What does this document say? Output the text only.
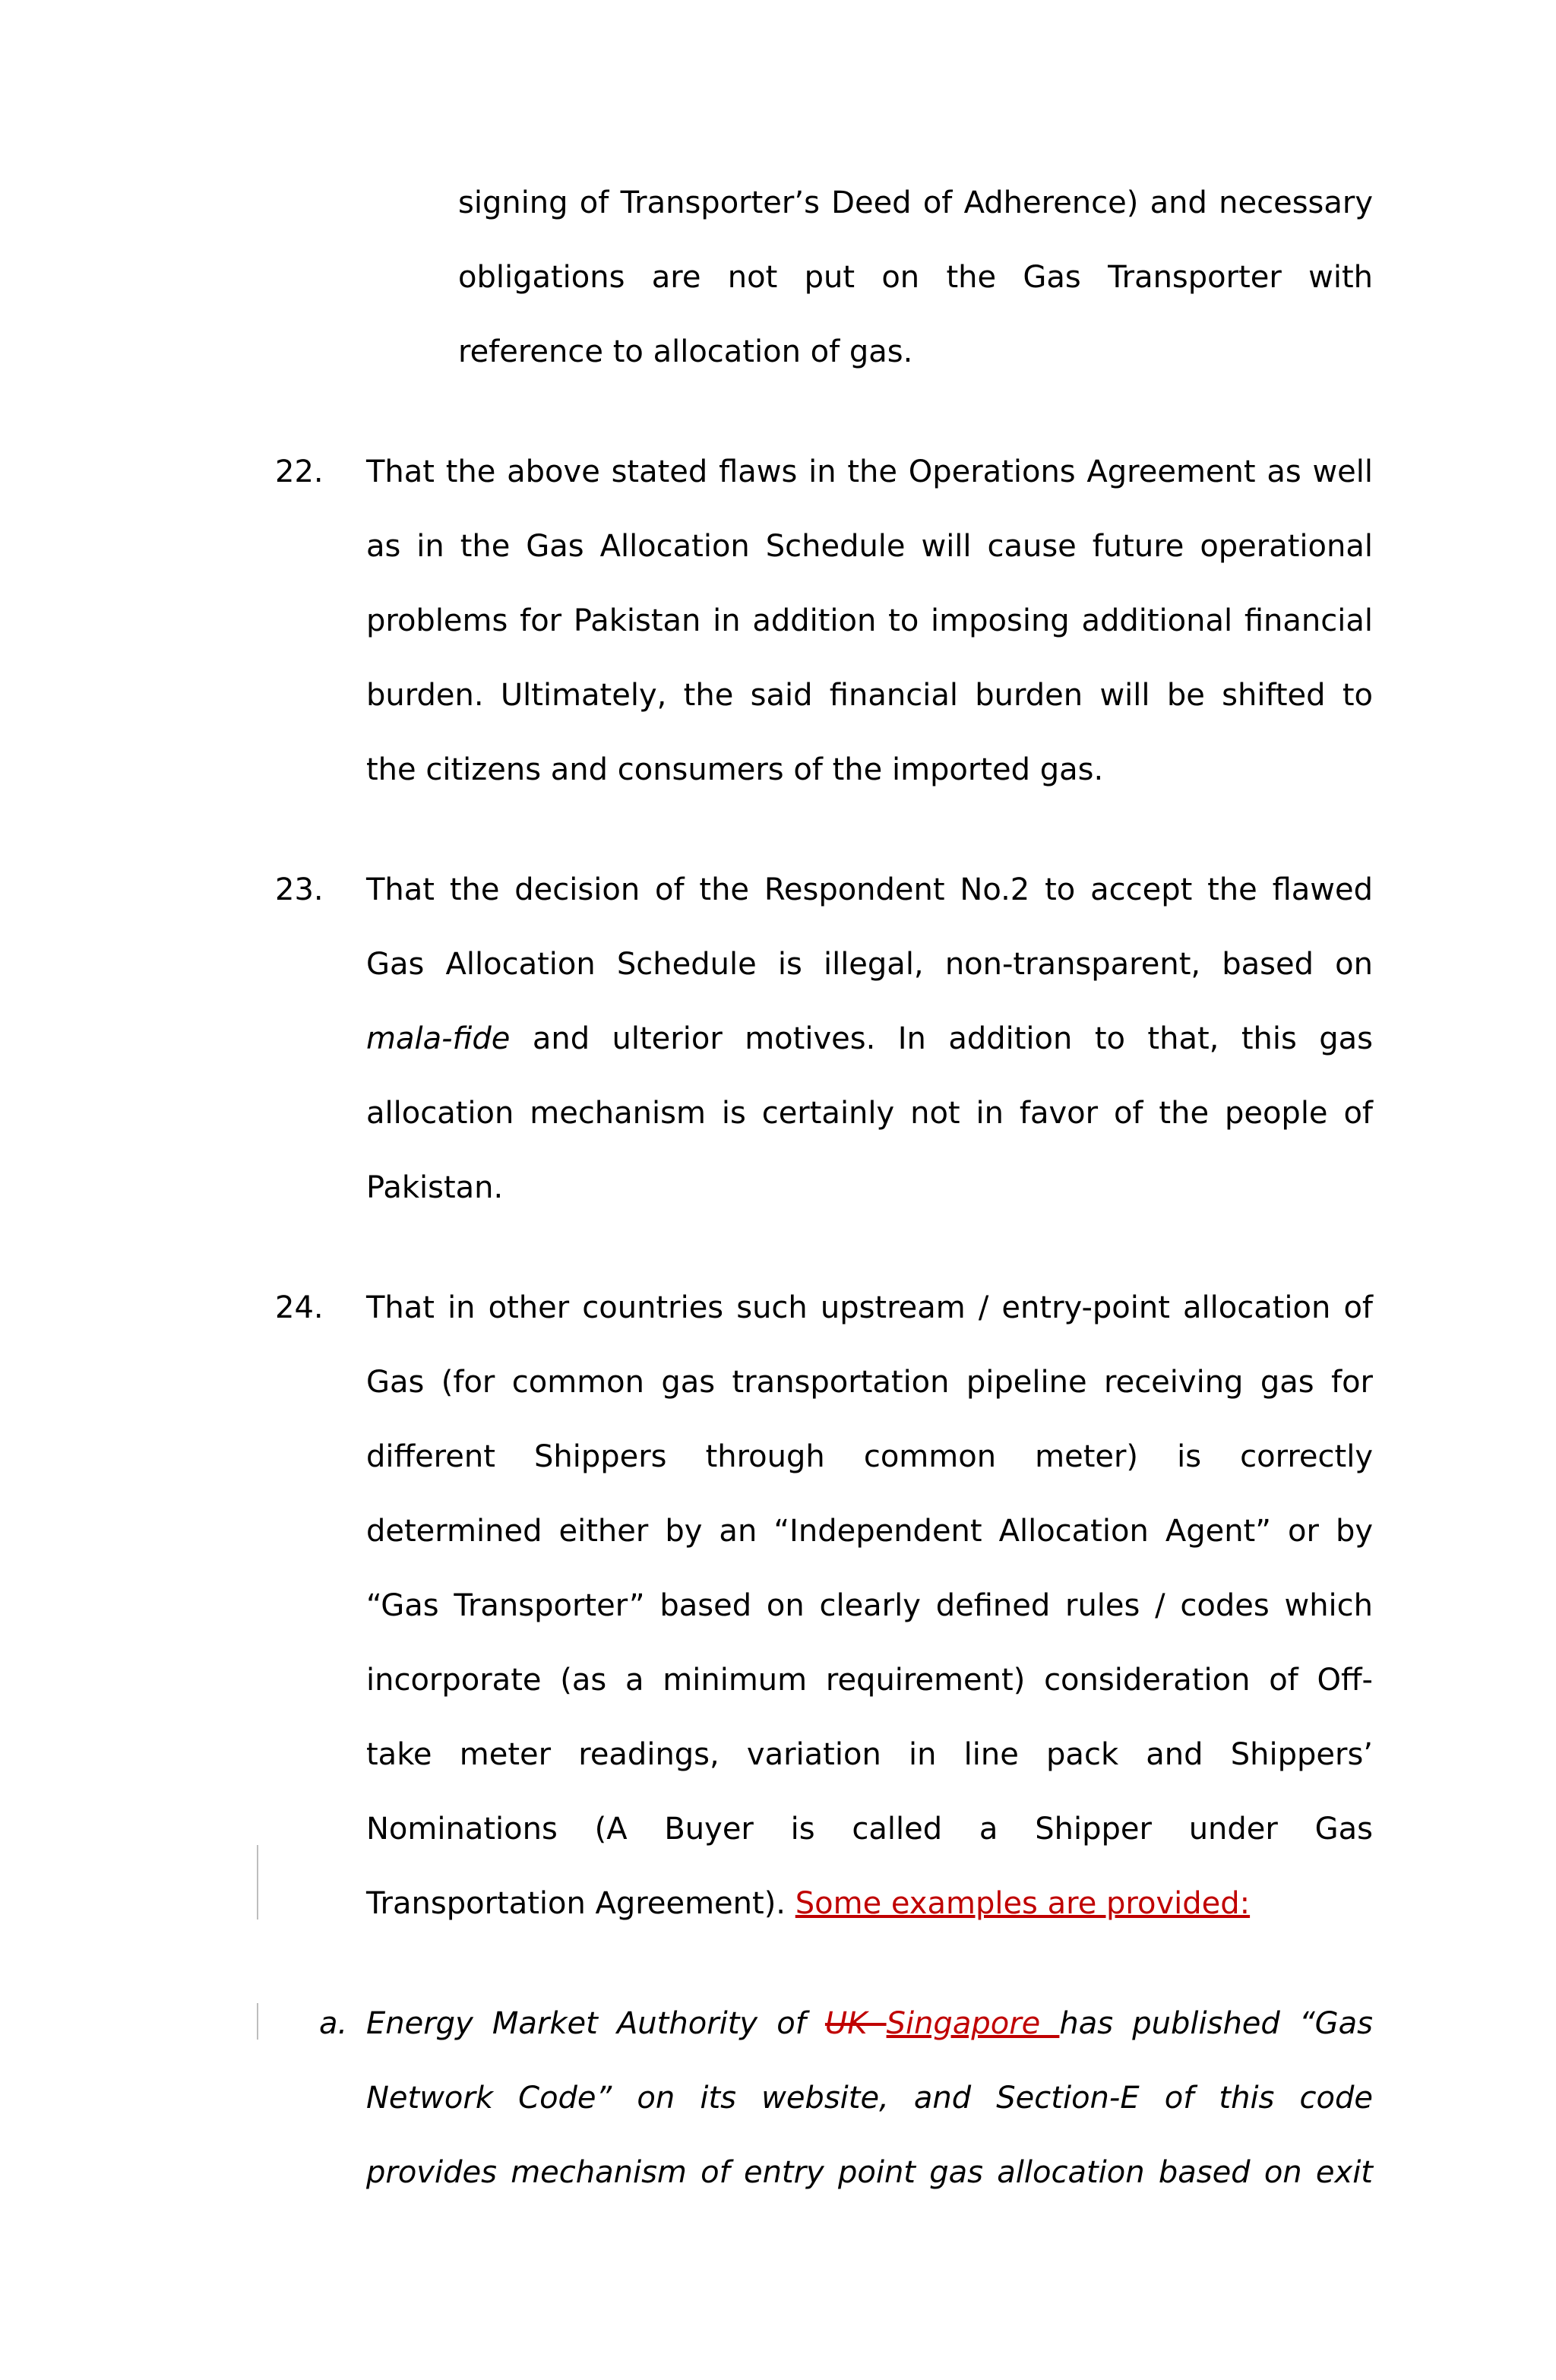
signing of Transporter’s Deed of Adherence) and necessary
obligations are not put on the Gas Transporter with
reference to allocation of gas.
22. That the above stated flaws in the Operations Agreement as well
as in the Gas Allocation Schedule will cause future operational
problems for Pakistan in addition to imposing additional financial
burden. Ultimately, the said financial burden will be shifted to
the citizens and consumers of the imported gas.
23. That the decision of the Respondent No.2 to accept the flawed
Gas Allocation Schedule is illegal, non-transparent, based on
mala-fide and ulterior motives. In addition to that, this gas
allocation mechanism is certainly not in favor of the people of
Pakistan.
24. That in other countries such upstream / entry-point allocation of
Gas (for common gas transportation pipeline receiving gas for
different Shippers through common meter) is correctly
determined either by an “Independent Allocation Agent” or by
“Gas Transporter” based on clearly defined rules / codes which
incorporate (as a minimum requirement) consideration of Off-
take meter readings, variation in line pack and Shippers’
Nominations (A Buyer is called a Shipper under Gas
Transportation Agreement). Some examples are provided:
a. Energy Market Authority of UK Singapore has published “Gas
Network Code” on its website, and Section-E of this code
provides mechanism of entry point gas allocation based on exit
